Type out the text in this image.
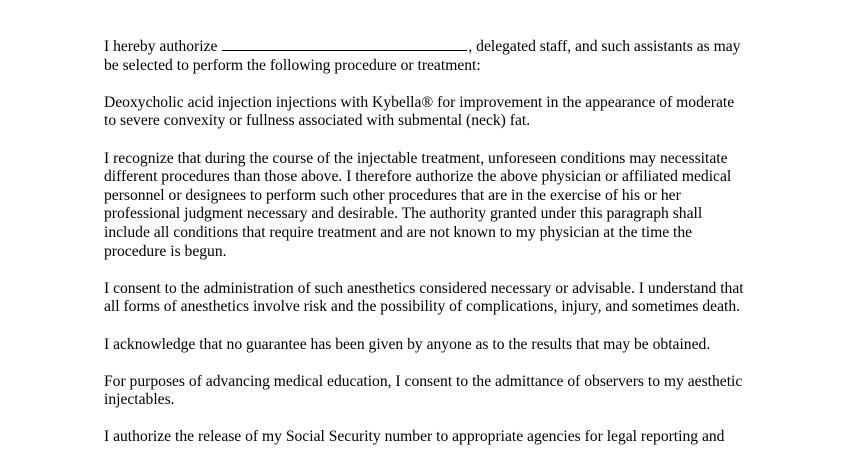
I hereby authorize	, delegated staff, and such assistants as may
be selected to perform the following procedure or treatment:

Deoxycholic acid injection injections with Kybella® for improvement in the appearance of moderate
to severe convexity or fullness associated with submental (neck) fat.

I recognize that during the course of the injectable treatment, unforeseen conditions may necessitate
different procedures than those above. I therefore authorize the above physician or affiliated medical
personnel or designees to perform such other procedures that are in the exercise of his or her
professional judgment necessary and desirable. The authority granted under this paragraph shall
include all conditions that require treatment and are not known to my physician at the time the
procedure is begun.

I consent to the administration of such anesthetics considered necessary or advisable. I understand that
all forms of anesthetics involve risk and the possibility of complications, injury, and sometimes death.

I acknowledge that no guarantee has been given by anyone as to the results that may be obtained.

For purposes of advancing medical education, I consent to the admittance of observers to my aesthetic
injectables.

I authorize the release of my Social Security number to appropriate agencies for legal reporting and
